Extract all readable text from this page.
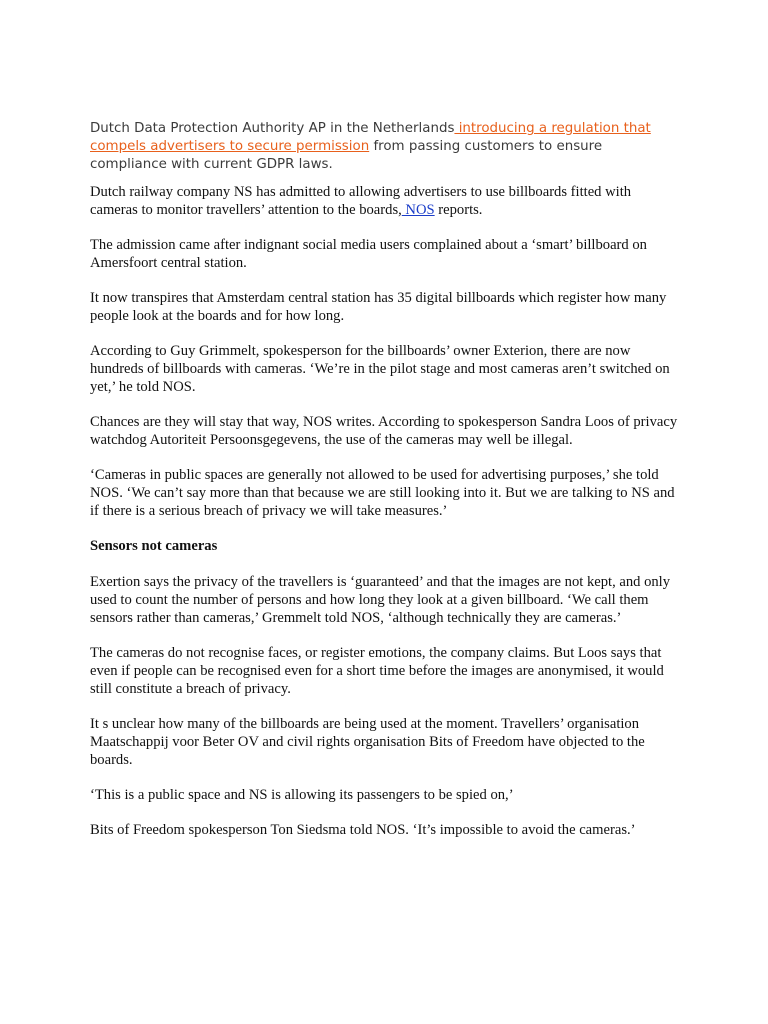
Dutch Data Protection Authority AP in the Netherlands introducing a regulation that compels advertisers to secure permission from passing customers to ensure compliance with current GDPR laws.

Dutch railway company NS has admitted to allowing advertisers to use billboards fitted with cameras to monitor travellers’ attention to the boards, NOS reports.

The admission came after indignant social media users complained about a ‘smart’ billboard on Amersfoort central station.

It now transpires that Amsterdam central station has 35 digital billboards which register how many people look at the boards and for how long.

According to Guy Grimmelt, spokesperson for the billboards’ owner Exterion, there are now hundreds of billboards with cameras. ‘We’re in the pilot stage and most cameras aren’t switched on yet,’ he told NOS.

Chances are they will stay that way, NOS writes. According to spokesperson Sandra Loos of privacy watchdog Autoriteit Persoonsgegevens, the use of the cameras may well be illegal.

‘Cameras in public spaces are generally not allowed to be used for advertising purposes,’ she told NOS. ‘We can’t say more than that because we are still looking into it. But we are talking to NS and if there is a serious breach of privacy we will take measures.’

Sensors not cameras

Exertion says the privacy of the travellers is ‘guaranteed’ and that the images are not kept, and only used to count the number of persons and how long they look at a given billboard. ‘We call them sensors rather than cameras,’ Gremmelt told NOS, ‘although technically they are cameras.’

The cameras do not recognise faces, or register emotions, the company claims. But Loos says that even if people can be recognised even for a short time before the images are anonymised, it would still constitute a breach of privacy.

It s unclear how many of the billboards are being used at the moment. Travellers’ organisation Maatschappij voor Beter OV and civil rights organisation Bits of Freedom have objected to the boards.

‘This is a public space and NS is allowing its passengers to be spied on,’

Bits of Freedom spokesperson Ton Siedsma told NOS. ‘It’s impossible to avoid the cameras.’
